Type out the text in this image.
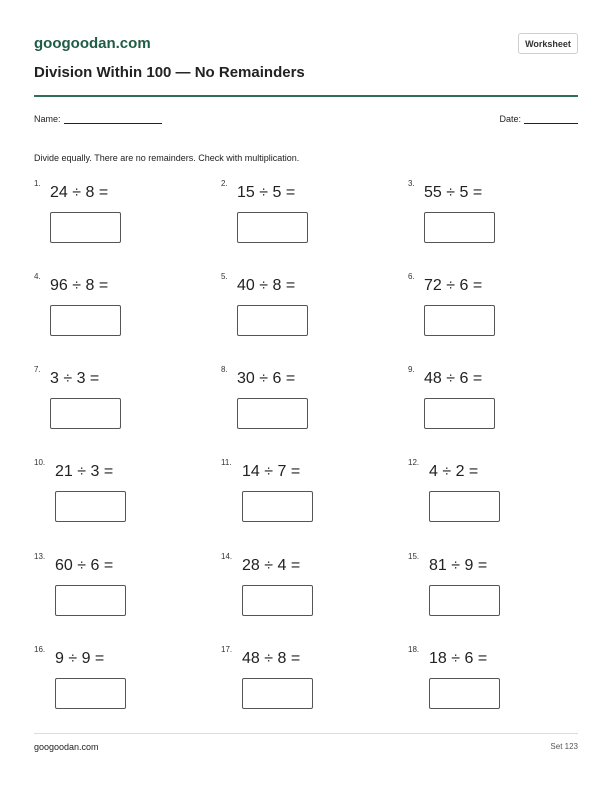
googoodan.com	Worksheet
Division Within 100 — No Remainders
Name:	Date:
Divide equally. There are no remainders. Check with multiplication.
1.
24 ÷ 8 =
2.
15 ÷ 5 =
3.
55 ÷ 5 =
4.
96 ÷ 8 =
5.
40 ÷ 8 =
6.
72 ÷ 6 =
7.
3 ÷ 3 =
8.
30 ÷ 6 =
9.
48 ÷ 6 =
10.
21 ÷ 3 =
11.
14 ÷ 7 =
12.
4 ÷ 2 =
13.
60 ÷ 6 =
14.
28 ÷ 4 =
15.
81 ÷ 9 =
16.
9 ÷ 9 =
17.
48 ÷ 8 =
18.
18 ÷ 6 =
googoodan.com	Set 123
